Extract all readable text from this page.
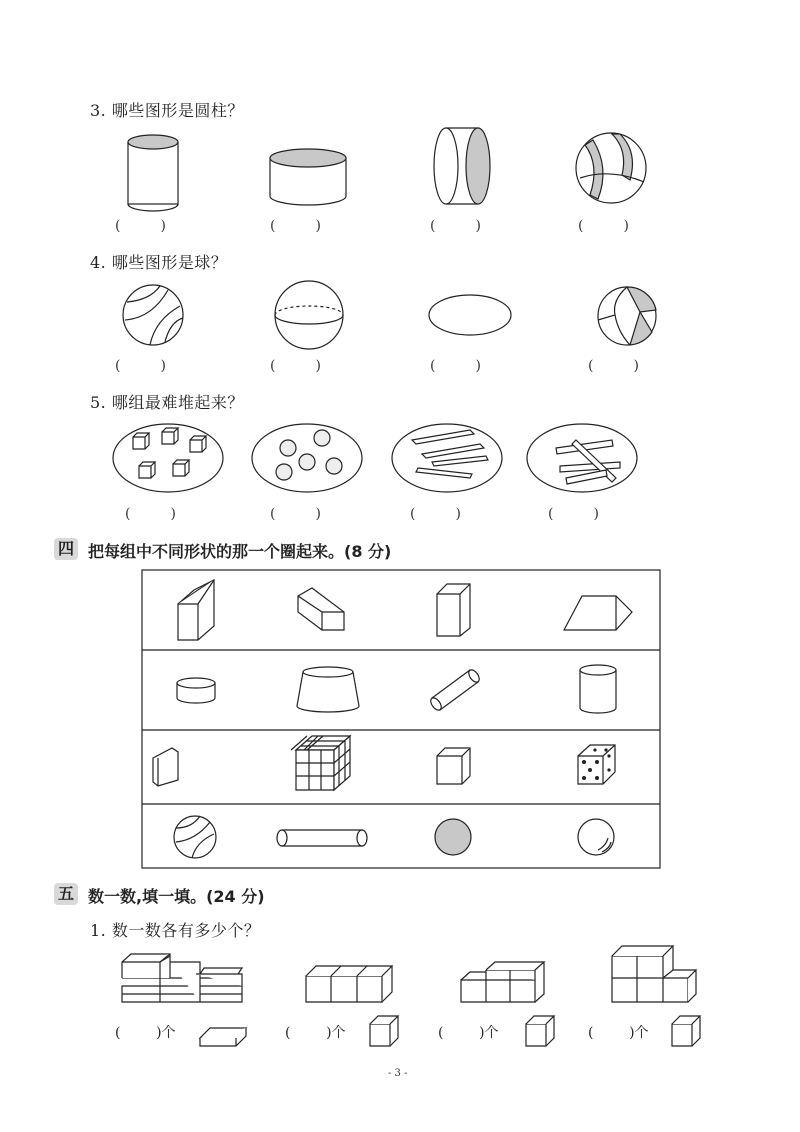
3. 哪些图形是圆柱？
4. 哪些图形是球？
5. 哪组最难堆起来？
(         )	(         )	(         )	(         )
(         )	(         )	(         )	(         )
(         )	(         )	(         )	(         )
四 把每组中不同形状的那一个圈起来。(8 分)
五 数一数,填一填。(24 分)
1. 数一数各有多少个？
(        )个	(        )个	(        )个	(        )个
- 3 -
